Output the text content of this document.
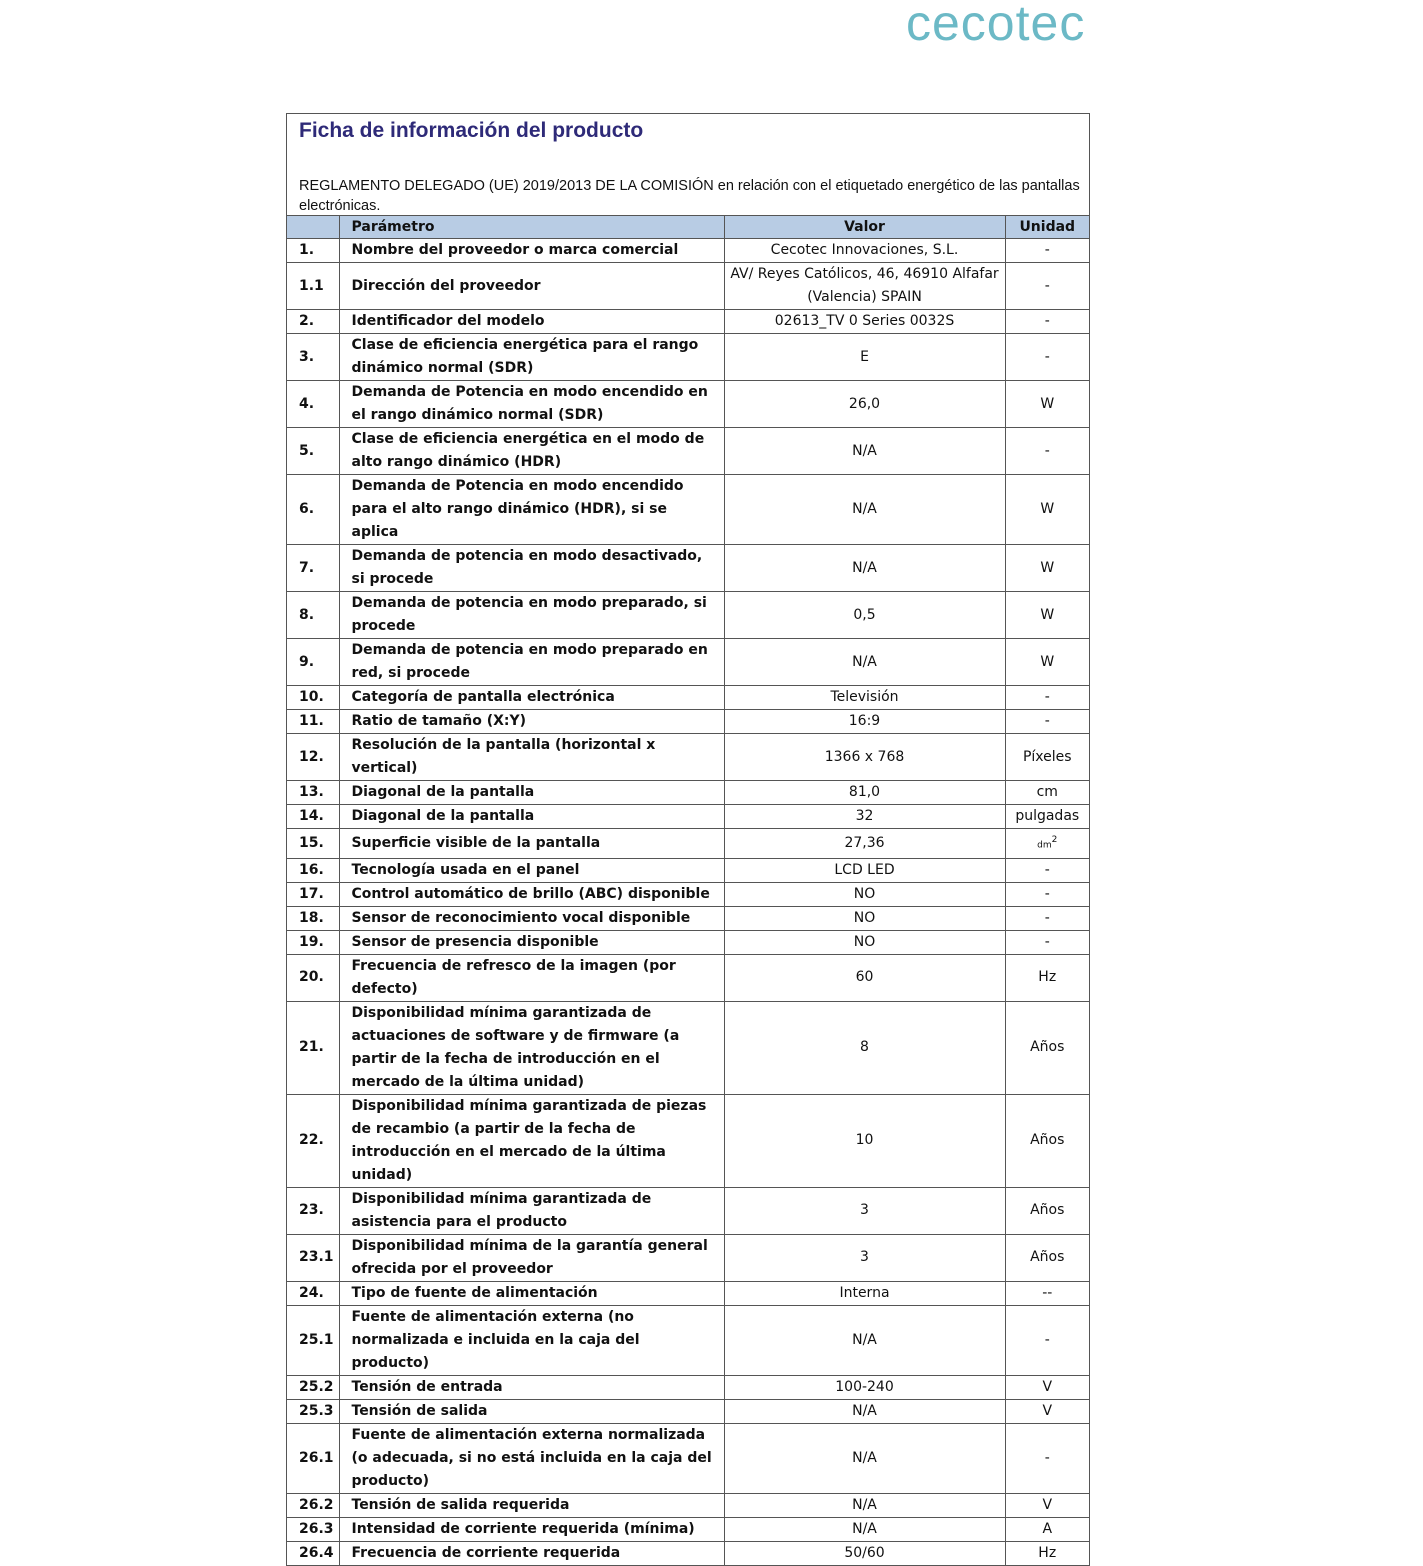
cecotec
Ficha de información del producto
REGLAMENTO DELEGADO (UE) 2019/2013 DE LA COMISIÓN en relación con el etiquetado energético de las pantallas electrónicas.
	Parámetro	Valor	Unidad
1.	Nombre del proveedor o marca comercial	Cecotec Innovaciones, S.L.	-
1.1	Dirección del proveedor	AV/ Reyes Católicos, 46, 46910 Alfafar (Valencia) SPAIN	-
2.	Identificador del modelo	02613_TV 0 Series 0032S	-
3.	Clase de eficiencia energética para el rango dinámico normal (SDR)	E	-
4.	Demanda de Potencia en modo encendido en el rango dinámico normal (SDR)	26,0	W
5.	Clase de eficiencia energética en el modo de alto rango dinámico (HDR)	N/A	-
6.	Demanda de Potencia en modo encendido para el alto rango dinámico (HDR), si se aplica	N/A	W
7.	Demanda de potencia en modo desactivado, si procede	N/A	W
8.	Demanda de potencia en modo preparado, si procede	0,5	W
9.	Demanda de potencia en modo preparado en red, si procede	N/A	W
10.	Categoría de pantalla electrónica	Televisión	-
11.	Ratio de tamaño (X:Y)	16:9	-
12.	Resolución de la pantalla (horizontal x vertical)	1366 x 768	Píxeles
13.	Diagonal de la pantalla	81,0	cm
14.	Diagonal de la pantalla	32	pulgadas
15.	Superficie visible de la pantalla	27,36	$dm^2$
16.	Tecnología usada en el panel	LCD LED	-
17.	Control automático de brillo (ABC) disponible	NO	-
18.	Sensor de reconocimiento vocal disponible	NO	-
19.	Sensor de presencia disponible	NO	-
20.	Frecuencia de refresco de la imagen (por defecto)	60	Hz
21.	Disponibilidad mínima garantizada de actuaciones de software y de firmware (a partir de la fecha de introducción en el mercado de la última unidad)	8	Años
22.	Disponibilidad mínima garantizada de piezas de recambio (a partir de la fecha de introducción en el mercado de la última unidad)	10	Años
23.	Disponibilidad mínima garantizada de asistencia para el producto	3	Años
23.1	Disponibilidad mínima de la garantía general ofrecida por el proveedor	3	Años
24.	Tipo de fuente de alimentación	Interna	--
25.1	Fuente de alimentación externa (no normalizada e incluida en la caja del producto)	N/A	-
25.2	Tensión de entrada	100-240	V
25.3	Tensión de salida	N/A	V
26.1	Fuente de alimentación externa normalizada (o adecuada, si no está incluida en la caja del producto)	N/A	-
26.2	Tensión de salida requerida	N/A	V
26.3	Intensidad de corriente requerida (mínima)	N/A	A
26.4	Frecuencia de corriente requerida	50/60	Hz
